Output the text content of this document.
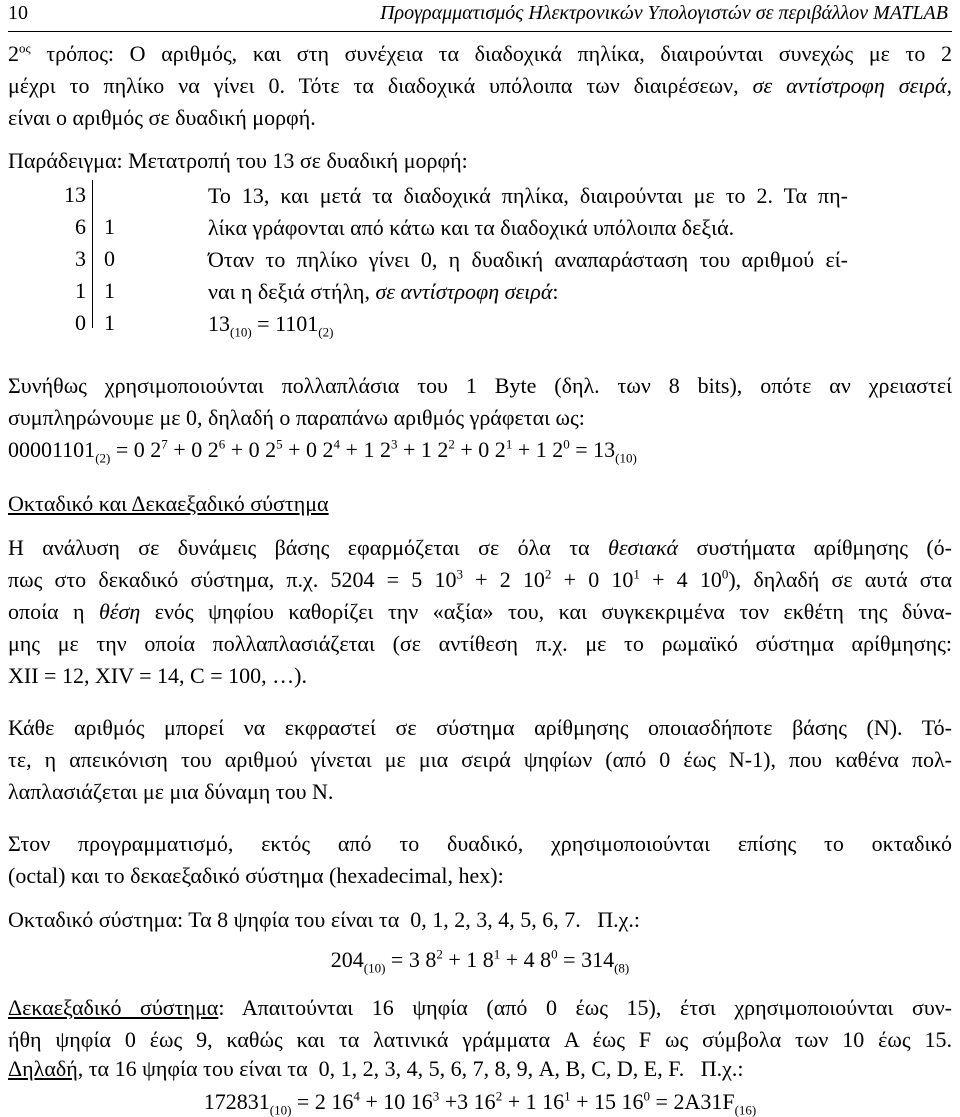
10	Προγραμματισμός Ηλεκτρονικών Υπολογιστών σε περιβάλλον MATLAB
$2^{o\varsigma}$ τρόπος: Ο αριθμός, και στη συνέχεια τα διαδοχικά πηλίκα, διαιρούνται συνεχώς με το 2
μέχρι το πηλίκο να γίνει 0. Τότε τα διαδοχικά υπόλοιπα των διαιρέσεων, σε αντίστροφη σειρά,
είναι ο αριθμός σε δυαδική μορφή.
Παράδειγμα: Μετατροπή του 13 σε δυαδική μορφή:
13
6
3
1
0
1
0
1
1
Το 13, και μετά τα διαδοχικά πηλίκα, διαιρούνται με το 2. Τα πη-
λίκα γράφονται από κάτω και τα διαδοχικά υπόλοιπα δεξιά.
Όταν το πηλίκο γίνει 0, η δυαδική αναπαράσταση του αριθμού εί-
ναι η δεξιά στήλη, σε αντίστροφη σειρά:
$13_{(10)} = 1101_{(2)}$
Συνήθως χρησιμοποιούνται πολλαπλάσια του 1 Byte (δηλ. των 8 bits), οπότε αν χρειαστεί
συμπληρώνουμε με 0, δηλαδή ο παραπάνω αριθμός γράφεται ως:
$00001101_{(2)} = 0$ $2^7 + 0$ $2^6 + 0$ $2^5 + 0$ $2^4 + 1$ $2^3 + 1$ $2^2 + 0$ $2^1 + 1$ $2^0 = 13_{(10)}$
Οκταδικό και Δεκαεξαδικό σύστημα
Η ανάλυση σε δυνάμεις βάσης εφαρμόζεται σε όλα τα θεσιακά συστήματα αρίθμησης (ό-
πως στο δεκαδικό σύστημα, π.χ. 5204 = 5 $10^3 + 2$ $10^2 + 0$ $10^1 + 4$ $10^0$), δηλαδή σε αυτά στα
οποία η θέση ενός ψηφίου καθορίζει την «αξία» του, και συγκεκριμένα τον εκθέτη της δύνα-
μης με την οποία πολλαπλασιάζεται (σε αντίθεση π.χ. με το ρωμαϊκό σύστημα αρίθμησης:
XII = 12, XIV = 14, C = 100, …).
Κάθε αριθμός μπορεί να εκφραστεί σε σύστημα αρίθμησης οποιασδήποτε βάσης (N). Τό-
τε, η απεικόνιση του αριθμού γίνεται με μια σειρά ψηφίων (από 0 έως N-1), που καθένα πολ-
λαπλασιάζεται με μια δύναμη του N.
Στον προγραμματισμό, εκτός από το δυαδικό, χρησιμοποιούνται επίσης το οκταδικό
(octal) και το δεκαεξαδικό σύστημα (hexadecimal, hex):
Οκταδικό σύστημα: Τα 8 ψηφία του είναι τα  0, 1, 2, 3, 4, 5, 6, 7.   Π.χ.:
$204_{(10)} = 3$ $8^2 + 1$ $8^1 + 4$ $8^0 = 314_{(8)}$
Δεκαεξαδικό σύστημα: Απαιτούνται 16 ψηφία (από 0 έως 15), έτσι χρησιμοποιούνται συν-
ήθη ψηφία 0 έως 9, καθώς και τα λατινικά γράμματα A έως F ως σύμβολα των 10 έως 15.
Δηλαδή, τα 16 ψηφία του είναι τα  0, 1, 2, 3, 4, 5, 6, 7, 8, 9, A, B, C, D, E, F.   Π.χ.:
$172831_{(10)} = 2$ $16^4 + 10$ $16^3 +3$ $16^2 + 1$ $16^1 + 15$ $16^0 = 2A31F_{(16)}$
